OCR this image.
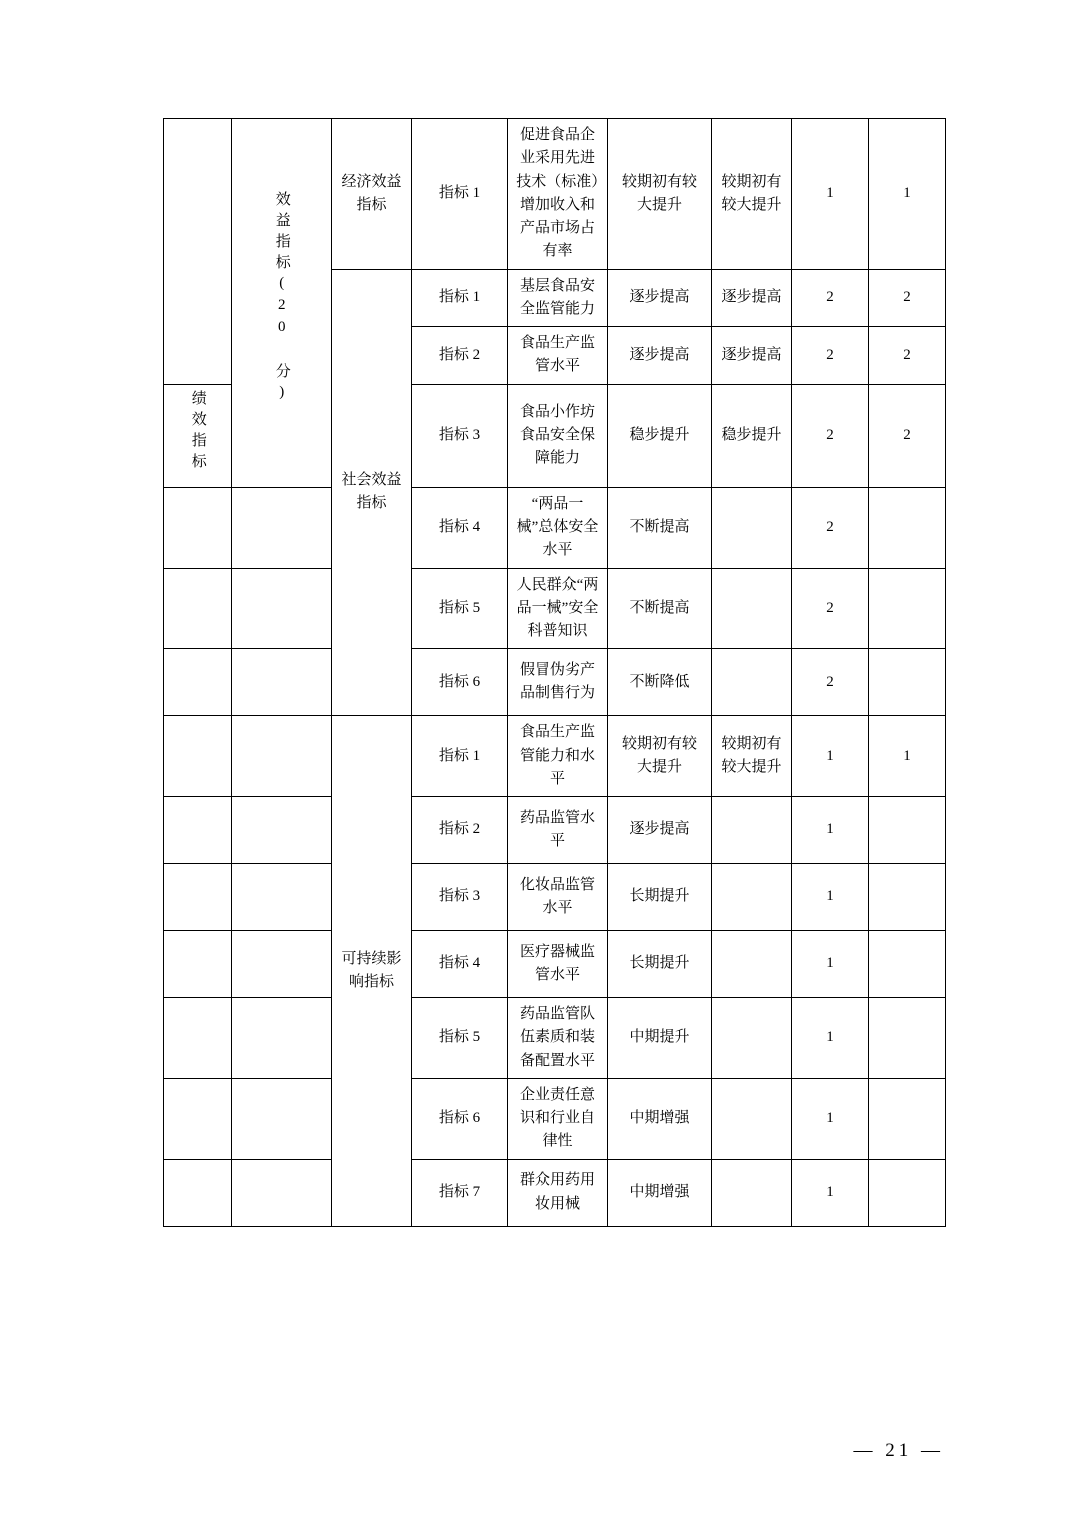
	效益指标(20 分)	经济效益指标	指标 1	促进食品企业采用先进技术（标准）增加收入和产品市场占有率	较期初有较大提升	较期初有较大提升	1	1
		社会效益指标	指标 1	基层食品安全监管能力	逐步提高	逐步提高	2	2
			指标 2	食品生产监管水平	逐步提高	逐步提高	2	2
绩效指标			指标 3	食品小作坊食品安全保障能力	稳步提升	稳步提升	2	2
			指标 4	“两品一械”总体安全水平	不断提高		2	
			指标 5	人民群众“两品一械”安全科普知识	不断提高		2	
			指标 6	假冒伪劣产品制售行为	不断降低		2	
		可持续影响指标	指标 1	食品生产监管能力和水平	较期初有较大提升	较期初有较大提升	1	1
			指标 2	药品监管水平	逐步提高		1	
			指标 3	化妆品监管水平	长期提升		1	
			指标 4	医疗器械监管水平	长期提升		1	
			指标 5	药品监管队伍素质和装备配置水平	中期提升		1	
			指标 6	企业责任意识和行业自律性	中期增强		1	
			指标 7	群众用药用妆用械	中期增强		1	
— 21 —
